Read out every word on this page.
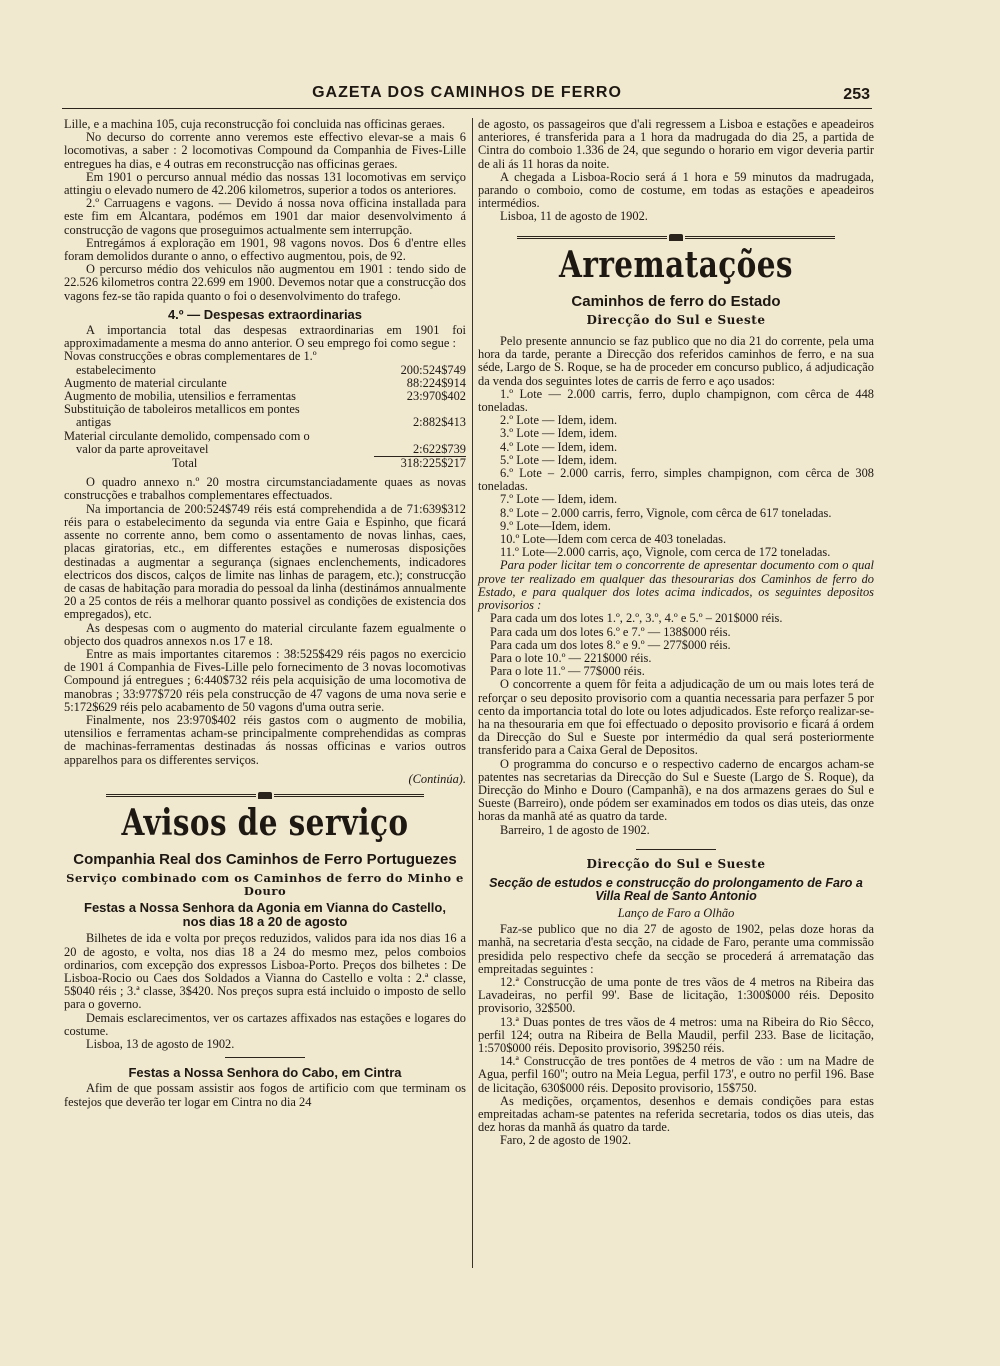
GAZETA DOS CAMINHOS DE FERRO	253

Lille, e a machina 105, cuja reconstrucção foi concluida nas officinas geraes.

No decurso do corrente anno veremos este effectivo elevar-se a mais 6 locomotivas, a saber : 2 locomotivas Compound da Companhia de Fives-Lille entregues ha dias, e 4 outras em reconstrucção nas officinas geraes.

Em 1901 o percurso annual médio das nossas 131 locomotivas em serviço attingiu o elevado numero de 42.206 kilometros, superior a todos os anteriores.

2.º Carruagens e vagons. — Devido á nossa nova officina installada para este fim em Alcantara, podémos em 1901 dar maior desenvolvimento á construcção de vagons que proseguimos actualmente sem interrupção.

Entregámos á exploração em 1901, 98 vagons novos. Dos 6 d'entre elles foram demolidos durante o anno, o effectivo augmentou, pois, de 92.

O percurso médio dos vehiculos não augmentou em 1901 : tendo sido de 22.526 kilometros contra 22.699 em 1900. Devemos notar que a construcção dos vagons fez-se tão rapida quanto o foi o desenvolvimento do trafego.

4.º — Despesas extraordinarias

A importancia total das despesas extraordinarias em 1901 foi approximadamente a mesma do anno anterior. O seu emprego foi como segue :

Novas construcções e obras complementares de 1.º

estabelecimento	200:524$749
Augmento de material circulante	88:224$914
Augmento de mobilia, utensilios e ferramentas	23:970$402
Substituição de taboleiros metallicos em pontes
antigas	2:882$413
Material circulante demolido, compensado com o
valor da parte aproveitavel	2:622$739
Total	318:225$217

O quadro annexo n.º 20 mostra circumstanciadamente quaes as novas construcções e trabalhos complementares effectuados.

Na importancia de 200:524$749 réis está comprehendida a de 71:639$312 réis para o estabelecimento da segunda via entre Gaia e Espinho, que ficará assente no corrente anno, bem como o assentamento de novas linhas, caes, placas giratorias, etc., em differentes estações e numerosas disposições destinadas a augmentar a segurança (signaes enclenchements, indicadores electricos dos discos, calços de limite nas linhas de paragem, etc.); construcção de casas de habitação para moradia do pessoal da linha (destinámos annualmente 20 a 25 contos de réis a melhorar quanto possivel as condições de existencia dos empregados), etc.

As despesas com o augmento do material circulante fazem egualmente o objecto dos quadros annexos n.os 17 e 18.

Entre as mais importantes citaremos : 38:525$429 réis pagos no exercicio de 1901 á Companhia de Fives-Lille pelo fornecimento de 3 novas locomotivas Compound já entregues ; 6:440$732 réis pela acquisição de uma locomotiva de manobras ; 33:977$720 réis pela construcção de 47 vagons de uma nova serie e 5:172$629 réis pelo acabamento de 50 vagons d'uma outra serie.

Finalmente, nos 23:970$402 réis gastos com o augmento de mobilia, utensilios e ferramentas acham-se principalmente comprehendidas as compras de machinas-ferramentas destinadas ás nossas officinas e varios outros apparelhos para os differentes serviços.

(Continúa).

Avisos de serviço
Companhia Real dos Caminhos de Ferro Portuguezes
Serviço combinado com os Caminhos de ferro do Minho e Douro
Festas a Nossa Senhora da Agonia em Vianna do Castello, nos dias 18 a 20 de agosto

Bilhetes de ida e volta por preços reduzidos, validos para ida nos dias 16 a 20 de agosto, e volta, nos dias 18 a 24 do mesmo mez, pelos comboios ordinarios, com excepção dos expressos Lisboa-Porto. Preços dos bilhetes : De Lisboa-Rocio ou Caes dos Soldados a Vianna do Castello e volta : 2.ª classe, 5$040 réis ; 3.ª classe, 3$420. Nos preços supra está incluido o imposto de sello para o governo.

Demais esclarecimentos, ver os cartazes affixados nas estações e logares do costume.

Lisboa, 13 de agosto de 1902.

Festas a Nossa Senhora do Cabo, em Cintra

Afim de que possam assistir aos fogos de artificio com que terminam os festejos que deverão ter logar em Cintra no dia 24

de agosto, os passageiros que d'ali regressem a Lisboa e estações e apeadeiros anteriores, é transferida para a 1 hora da madrugada do dia 25, a partida de Cintra do comboio 1.336 de 24, que segundo o horario em vigor deveria partir de ali ás 11 horas da noite.

A chegada a Lisboa-Rocio será á 1 hora e 59 minutos da madrugada, parando o comboio, como de costume, em todas as estações e apeadeiros intermédios.

Lisboa, 11 de agosto de 1902.

Arrematações
Caminhos de ferro do Estado
Direcção do Sul e Sueste

Pelo presente annuncio se faz publico que no dia 21 do corrente, pela uma hora da tarde, perante a Direcção dos referidos caminhos de ferro, e na sua séde, Largo de S. Roque, se ha de proceder em concurso publico, á adjudicação da venda dos seguintes lotes de carris de ferro e aço usados:

1.º Lote — 2.000 carris, ferro, duplo champignon, com cêrca de 448 toneladas.

2.º Lote — Idem, idem.

3.º Lote — Idem, idem.

4.º Lote — Idem, idem.

5.º Lote — Idem, idem.

6.º Lote – 2.000 carris, ferro, simples champignon, com cêrca de 308 toneladas.

7.º Lote — Idem, idem.

8.º Lote – 2.000 carris, ferro, Vignole, com cêrca de 617 toneladas.

9.º Lote—Idem, idem.

10.º Lote—Idem com cerca de 403 toneladas.

11.º Lote—2.000 carris, aço, Vignole, com cerca de 172 toneladas.

Para poder licitar tem o concorrente de apresentar documento com o qual prove ter realizado em qualquer das thesourarias dos Caminhos de ferro do Estado, e para qualquer dos lotes acima indicados, os seguintes depositos provisorios :

Para cada um dos lotes 1.º, 2.º, 3.º, 4.º e 5.º – 201$000 réis.

Para cada um dos lotes 6.º e 7.º — 138$000 réis.

Para cada um dos lotes 8.º e 9.º — 277$000 réis.

Para o lote 10.º — 221$000 réis.

Para o lote 11.º — 77$000 réis.

O concorrente a quem fôr feita a adjudicação de um ou mais lotes terá de reforçar o seu deposito provisorio com a quantia necessaria para perfazer 5 por cento da importancia total do lote ou lotes adjudicados. Este reforço realizar-se-ha na thesouraria em que foi effectuado o deposito provisorio e ficará á ordem da Direcção do Sul e Sueste por intermédio da qual será posteriormente transferido para a Caixa Geral de Depositos.

O programma do concurso e o respectivo caderno de encargos acham-se patentes nas secretarias da Direcção do Sul e Sueste (Largo de S. Roque), da Direcção do Minho e Douro (Campanhã), e na dos armazens geraes do Sul e Sueste (Barreiro), onde pódem ser examinados em todos os dias uteis, das onze horas da manhã até as quatro da tarde.

Barreiro, 1 de agosto de 1902.

Direcção do Sul e Sueste
Secção de estudos e construcção do prolongamento de Faro a Villa Real de Santo Antonio
Lanço de Faro a Olhão

Faz-se publico que no dia 27 de agosto de 1902, pelas doze horas da manhã, na secretaria d'esta secção, na cidade de Faro, perante uma commissão presidida pelo respectivo chefe da secção se procederá á arrematação das empreitadas seguintes :

12.ª Construcção de uma ponte de tres vãos de 4 metros na Ribeira das Lavadeiras, no perfil 99'. Base de licitação, 1:300$000 réis. Deposito provisorio, 32$500.

13.ª Duas pontes de tres vãos de 4 metros: uma na Ribeira do Rio Sêcco, perfil 124; outra na Ribeira de Bella Maudil, perfil 233. Base de licitação, 1:570$000 réis. Deposito provisorio, 39$250 réis.

14.ª Construcção de tres pontões de 4 metros de vão : um na Madre de Agua, perfil 160''; outro na Meia Legua, perfil 173', e outro no perfil 196. Base de licitação, 630$000 réis. Deposito provisorio, 15$750.

As medições, orçamentos, desenhos e demais condições para estas empreitadas acham-se patentes na referida secretaria, todos os dias uteis, das dez horas da manhã ás quatro da tarde.

Faro, 2 de agosto de 1902.
